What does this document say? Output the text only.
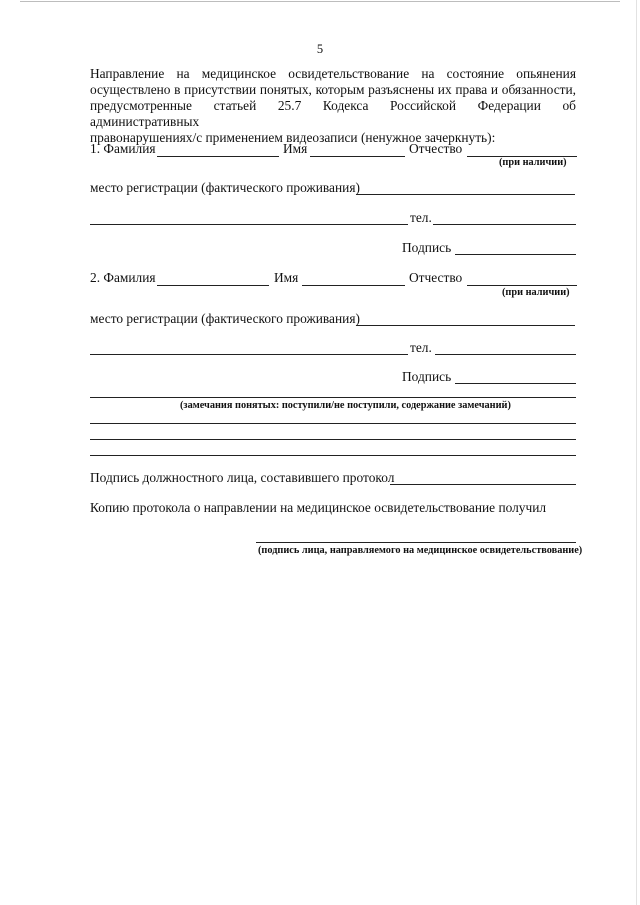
5
Направление на медицинское освидетельствование на состояние опьянения
осуществлено в присутствии понятых, которым разъяснены их права и обязанности,
предусмотренные статьей 25.7 Кодекса Российской Федерации об административных
правонарушениях/с применением видеозаписи (ненужное зачеркнуть):
1. Фамилия	Имя	Отчество
(при наличии)
место регистрации (фактического проживания)
тел.
Подпись
2. Фамилия	Имя	Отчество
(при наличии)
место регистрации (фактического проживания)
тел.
Подпись
(замечания понятых: поступили/не поступили, содержание замечаний)
Подпись должностного лица, составившего протокол
Копию протокола о направлении на медицинское освидетельствование получил
(подпись лица, направляемого на медицинское освидетельствование)
